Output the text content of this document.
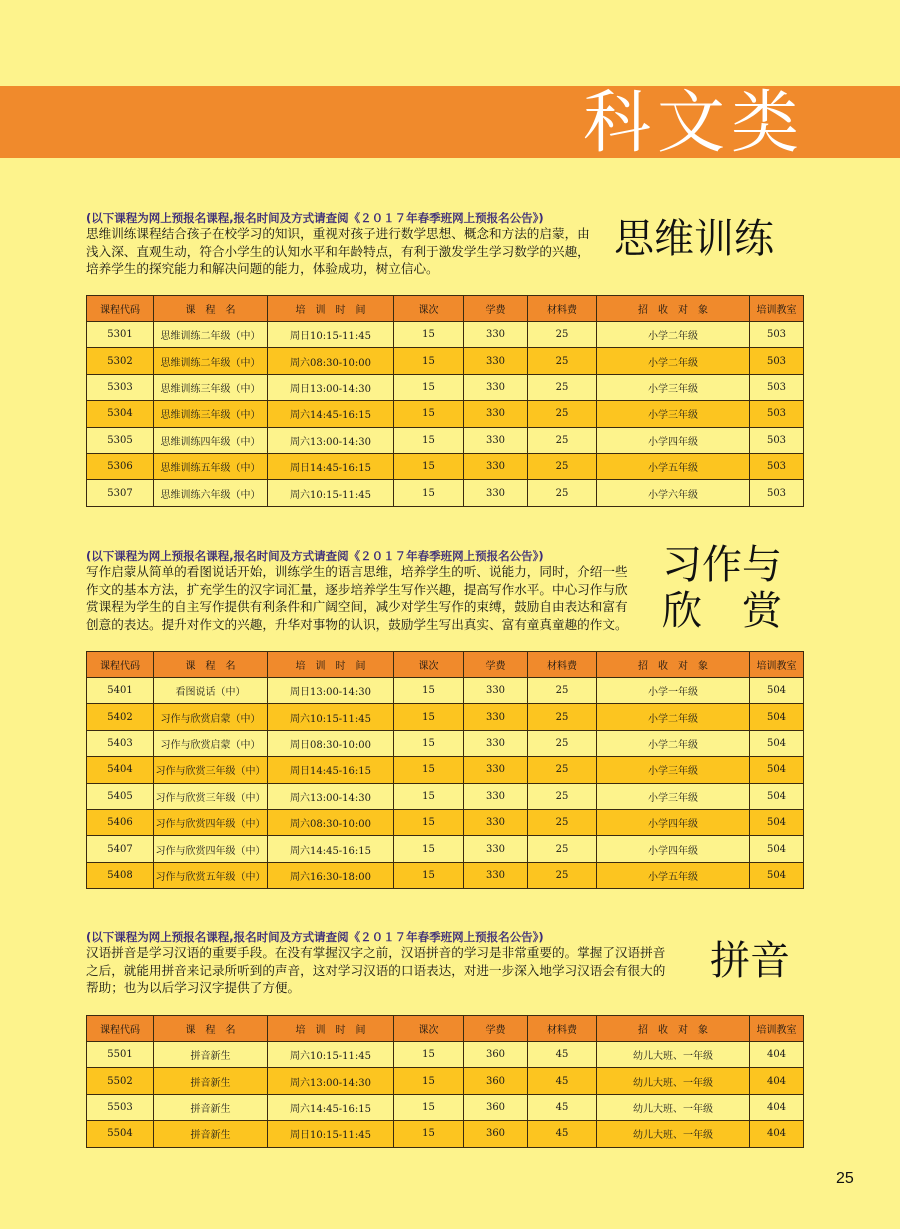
科文类
(以下课程为网上预报名课程,报名时间及方式请查阅《２０１７年春季班网上预报名公告》)
思维训练课程结合孩子在校学习的知识，重视对孩子进行数学思想、概念和方法的启蒙，由
浅入深、直观生动，符合小学生的认知水平和年龄特点，有利于激发学生学习数学的兴趣，
培养学生的探究能力和解决问题的能力，体验成功，树立信心。
思维训练
课程代码	课　程　名	培　训　时　间	课次	学费	材料费	招　收　对　象	培训教室
5301	思维训练二年级（中）	周日10:15-11:45	15	330	25	小学二年级	503
5302	思维训练二年级（中）	周六08:30-10:00	15	330	25	小学二年级	503
5303	思维训练三年级（中）	周日13:00-14:30	15	330	25	小学三年级	503
5304	思维训练三年级（中）	周六14:45-16:15	15	330	25	小学三年级	503
5305	思维训练四年级（中）	周六13:00-14:30	15	330	25	小学四年级	503
5306	思维训练五年级（中）	周日14:45-16:15	15	330	25	小学五年级	503
5307	思维训练六年级（中）	周六10:15-11:45	15	330	25	小学六年级	503
(以下课程为网上预报名课程,报名时间及方式请查阅《２０１７年春季班网上预报名公告》)
写作启蒙从简单的看图说话开始，训练学生的语言思维，培养学生的听、说能力，同时，介绍一些
作文的基本方法，扩充学生的汉字词汇量，逐步培养学生写作兴趣，提高写作水平。中心习作与欣
赏课程为学生的自主写作提供有利条件和广阔空间，减少对学生写作的束缚，鼓励自由表达和富有
创意的表达。提升对作文的兴趣，升华对事物的认识，鼓励学生写出真实、富有童真童趣的作文。
习作与
欣　赏
课程代码	课　程　名	培　训　时　间	课次	学费	材料费	招　收　对　象	培训教室
5401	看图说话（中）	周日13:00-14:30	15	330	25	小学一年级	504
5402	习作与欣赏启蒙（中）	周六10:15-11:45	15	330	25	小学二年级	504
5403	习作与欣赏启蒙（中）	周日08:30-10:00	15	330	25	小学二年级	504
5404	习作与欣赏三年级（中）	周日14:45-16:15	15	330	25	小学三年级	504
5405	习作与欣赏三年级（中）	周六13:00-14:30	15	330	25	小学三年级	504
5406	习作与欣赏四年级（中）	周六08:30-10:00	15	330	25	小学四年级	504
5407	习作与欣赏四年级（中）	周六14:45-16:15	15	330	25	小学四年级	504
5408	习作与欣赏五年级（中）	周六16:30-18:00	15	330	25	小学五年级	504
(以下课程为网上预报名课程,报名时间及方式请查阅《２０１７年春季班网上预报名公告》)
汉语拼音是学习汉语的重要手段。在没有掌握汉字之前，汉语拼音的学习是非常重要的。掌握了汉语拼音
之后，就能用拼音来记录所听到的声音，这对学习汉语的口语表达，对进一步深入地学习汉语会有很大的
帮助；也为以后学习汉字提供了方便。
拼音
课程代码	课　程　名	培　训　时　间	课次	学费	材料费	招　收　对　象	培训教室
5501	拼音新生	周六10:15-11:45	15	360	45	幼儿大班、一年级	404
5502	拼音新生	周六13:00-14:30	15	360	45	幼儿大班、一年级	404
5503	拼音新生	周六14:45-16:15	15	360	45	幼儿大班、一年级	404
5504	拼音新生	周日10:15-11:45	15	360	45	幼儿大班、一年级	404
25
